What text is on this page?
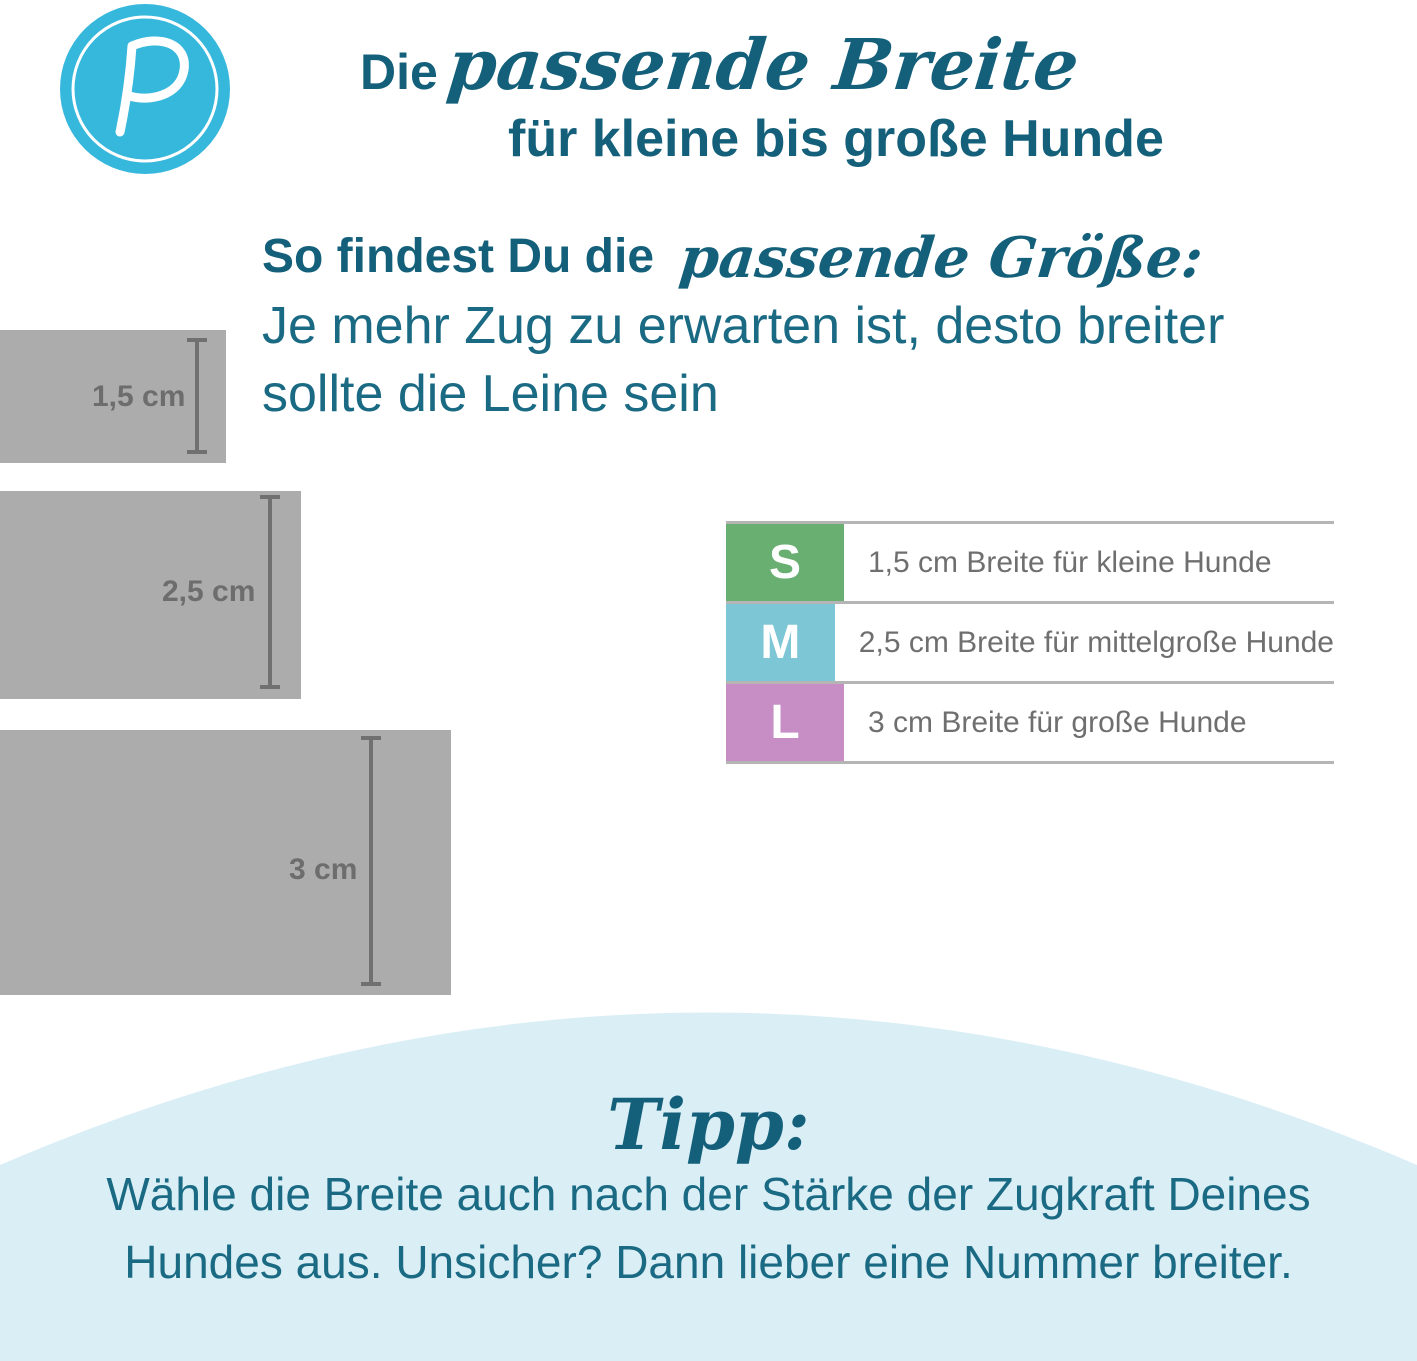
Die passende Breite
für kleine bis große Hunde
So findest Du die passende Größe:
Je mehr Zug zu erwarten ist, desto breiter
sollte die Leine sein
1,5 cm
2,5 cm
3 cm
S	1,5 cm Breite für kleine Hunde
M	2,5 cm Breite für mittelgroße Hunde
L	3 cm Breite für große Hunde
Tipp:
Wähle die Breite auch nach der Stärke der Zugkraft Deines
Hundes aus. Unsicher? Dann lieber eine Nummer breiter.
